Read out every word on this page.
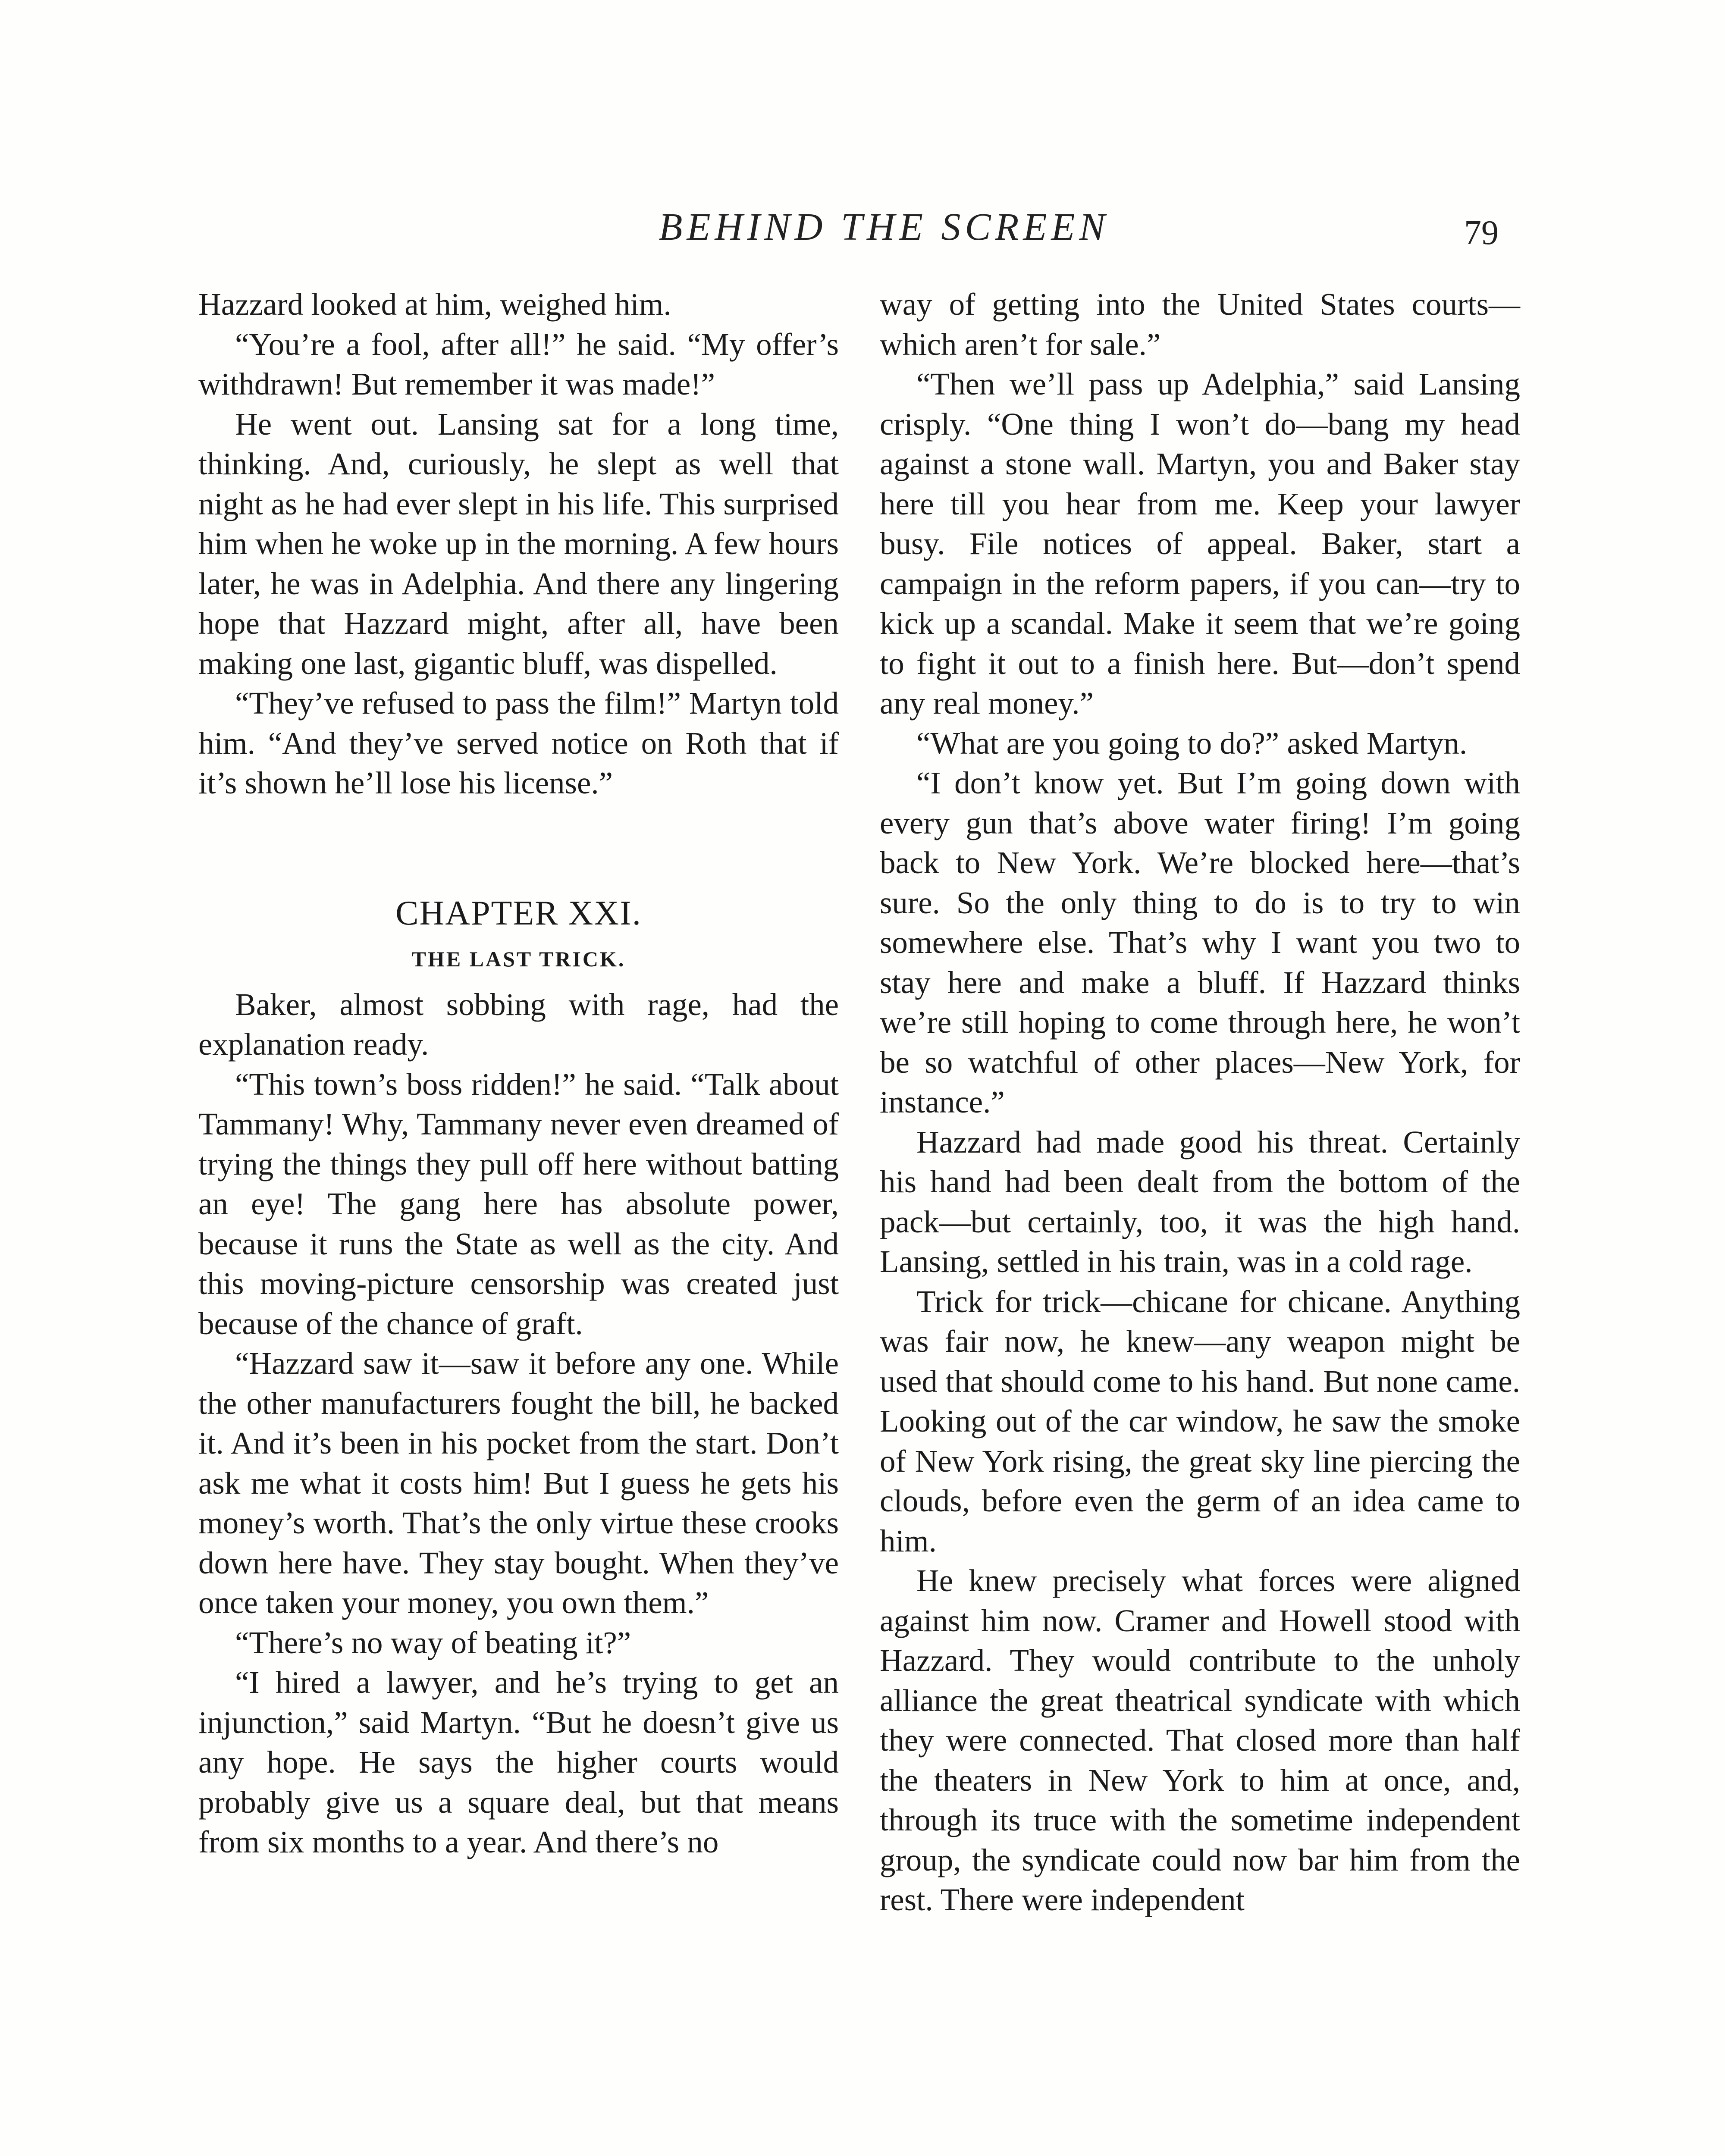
BEHIND THE SCREEN	79

Hazzard looked at him, weighed him.

“You’re a fool, after all!” he said. “My offer’s withdrawn! But remember it was made!”

He went out. Lansing sat for a long time, thinking. And, curiously, he slept as well that night as he had ever slept in his life. This surprised him when he woke up in the morning. A few hours later, he was in Adelphia. And there any lingering hope that Hazzard might, after all, have been making one last, gigantic bluff, was dispelled.

“They’ve refused to pass the film!” Martyn told him. “And they’ve served notice on Roth that if it’s shown he’ll lose his license.”

CHAPTER XXI.
THE LAST TRICK.

Baker, almost sobbing with rage, had the explanation ready.

“This town’s boss ridden!” he said. “Talk about Tammany! Why, Tammany never even dreamed of trying the things they pull off here without batting an eye! The gang here has absolute power, because it runs the State as well as the city. And this moving-picture censorship was created just because of the chance of graft.

“Hazzard saw it—saw it before any one. While the other manufacturers fought the bill, he backed it. And it’s been in his pocket from the start. Don’t ask me what it costs him! But I guess he gets his money’s worth. That’s the only virtue these crooks down here have. They stay bought. When they’ve once taken your money, you own them.”

“There’s no way of beating it?”

“I hired a lawyer, and he’s trying to get an injunction,” said Martyn. “But he doesn’t give us any hope. He says the higher courts would probably give us a square deal, but that means from six months to a year. And there’s no

way of getting into the United States courts—which aren’t for sale.”

“Then we’ll pass up Adelphia,” said Lansing crisply. “One thing I won’t do—bang my head against a stone wall. Martyn, you and Baker stay here till you hear from me. Keep your lawyer busy. File notices of appeal. Baker, start a campaign in the reform papers, if you can—try to kick up a scandal. Make it seem that we’re going to fight it out to a finish here. But—don’t spend any real money.”

“What are you going to do?” asked Martyn.

“I don’t know yet. But I’m going down with every gun that’s above water firing! I’m going back to New York. We’re blocked here—that’s sure. So the only thing to do is to try to win somewhere else. That’s why I want you two to stay here and make a bluff. If Hazzard thinks we’re still hoping to come through here, he won’t be so watchful of other places—New York, for instance.”

Hazzard had made good his threat. Certainly his hand had been dealt from the bottom of the pack—but certainly, too, it was the high hand. Lansing, settled in his train, was in a cold rage.

Trick for trick—chicane for chicane. Anything was fair now, he knew—any weapon might be used that should come to his hand. But none came. Looking out of the car window, he saw the smoke of New York rising, the great sky line piercing the clouds, before even the germ of an idea came to him.

He knew precisely what forces were aligned against him now. Cramer and Howell stood with Hazzard. They would contribute to the unholy alliance the great theatrical syndicate with which they were connected. That closed more than half the theaters in New York to him at once, and, through its truce with the sometime independent group, the syndicate could now bar him from the rest. There were independent
